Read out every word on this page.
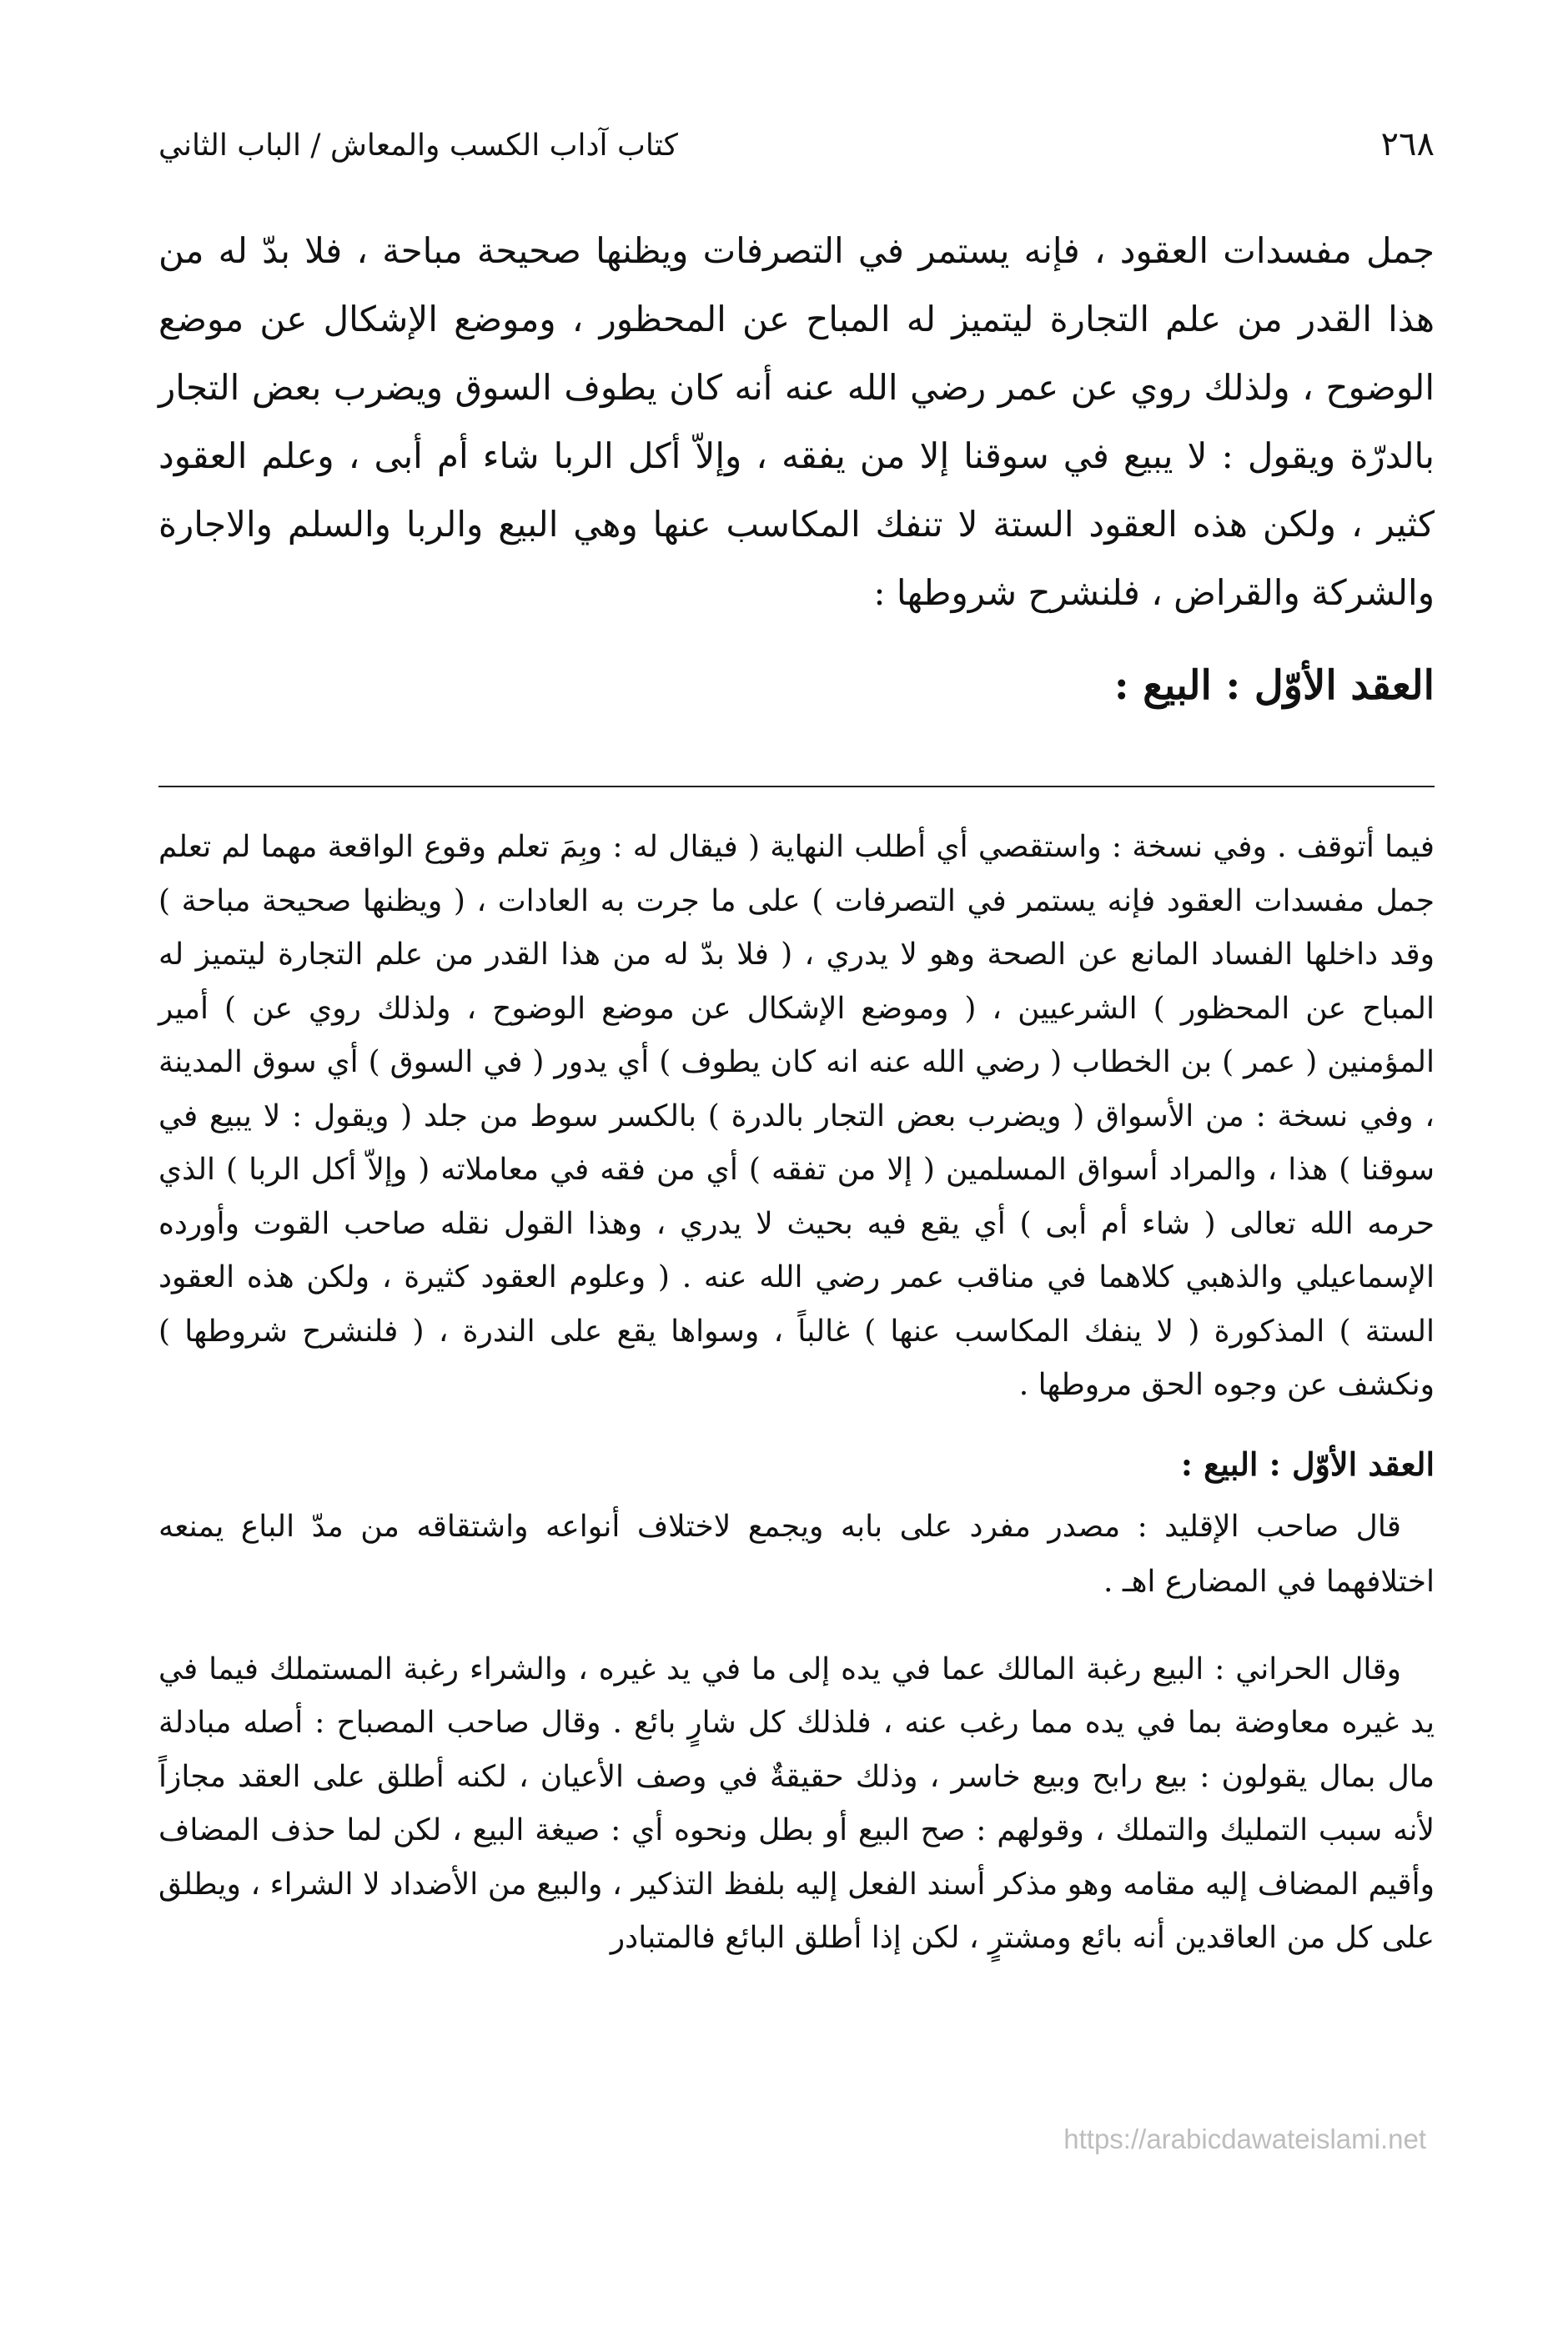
٢٦٨
كتاب آداب الكسب والمعاش / الباب الثاني
جمل مفسدات العقود ، فإنه يستمر في التصرفات ويظنها صحيحة مباحة ، فلا بدّ له من هذا القدر من علم التجارة ليتميز له المباح عن المحظور ، وموضع الإشكال عن موضع الوضوح ، ولذلك روي عن عمر رضي الله عنه أنه كان يطوف السوق ويضرب بعض التجار بالدرّة ويقول : لا يبيع في سوقنا إلا من يفقه ، وإلاّ أكل الربا شاء أم أبى ، وعلم العقود كثير ، ولكن هذه العقود الستة لا تنفك المكاسب عنها وهي البيع والربا والسلم والاجارة والشركة والقراض ، فلنشرح شروطها :
العقد الأوّل : البيع :

فيما أتوقف . وفي نسخة : واستقصي أي أطلب النهاية ( فيقال له : وبِمَ تعلم وقوع الواقعة مهما لم تعلم جمل مفسدات العقود فإنه يستمر في التصرفات ) على ما جرت به العادات ، ( ويظنها صحيحة مباحة ) وقد داخلها الفساد المانع عن الصحة وهو لا يدري ، ( فلا بدّ له من هذا القدر من علم التجارة ليتميز له المباح عن المحظور ) الشرعيين ، ( وموضع الإشكال عن موضع الوضوح ، ولذلك روي عن ) أمير المؤمنين ( عمر ) بن الخطاب ( رضي الله عنه انه كان يطوف ) أي يدور ( في السوق ) أي سوق المدينة ، وفي نسخة : من الأسواق ( ويضرب بعض التجار بالدرة ) بالكسر سوط من جلد ( ويقول : لا يبيع في سوقنا ) هذا ، والمراد أسواق المسلمين ( إلا من تفقه ) أي من فقه في معاملاته ( وإلاّ أكل الربا ) الذي حرمه الله تعالى ( شاء أم أبى ) أي يقع فيه بحيث لا يدري ، وهذا القول نقله صاحب القوت وأورده الإسماعيلي والذهبي كلاهما في مناقب عمر رضي الله عنه . ( وعلوم العقود كثيرة ، ولكن هذه العقود الستة ) المذكورة ( لا ينفك المكاسب عنها ) غالباً ، وسواها يقع على الندرة ، ( فلنشرح شروطها ) ونكشف عن وجوه الحق مروطها .

العقد الأوّل : البيع :
قال صاحب الإقليد : مصدر مفرد على بابه ويجمع لاختلاف أنواعه واشتقاقه من مدّ الباع يمنعه اختلافهما في المضارع اهـ .
وقال الحراني : البيع رغبة المالك عما في يده إلى ما في يد غيره ، والشراء رغبة المستملك فيما في يد غيره معاوضة بما في يده مما رغب عنه ، فلذلك كل شارٍ بائع . وقال صاحب المصباح : أصله مبادلة مال بمال يقولون : بيع رابح وبيع خاسر ، وذلك حقيقةٌ في وصف الأعيان ، لكنه أطلق على العقد مجازاً لأنه سبب التمليك والتملك ، وقولهم : صح البيع أو بطل ونحوه أي : صيغة البيع ، لكن لما حذف المضاف وأقيم المضاف إليه مقامه وهو مذكر أسند الفعل إليه بلفظ التذكير ، والبيع من الأضداد لا الشراء ، ويطلق على كل من العاقدين أنه بائع ومشترٍ ، لكن إذا أطلق البائع فالمتبادر
https://arabicdawateislami.net
